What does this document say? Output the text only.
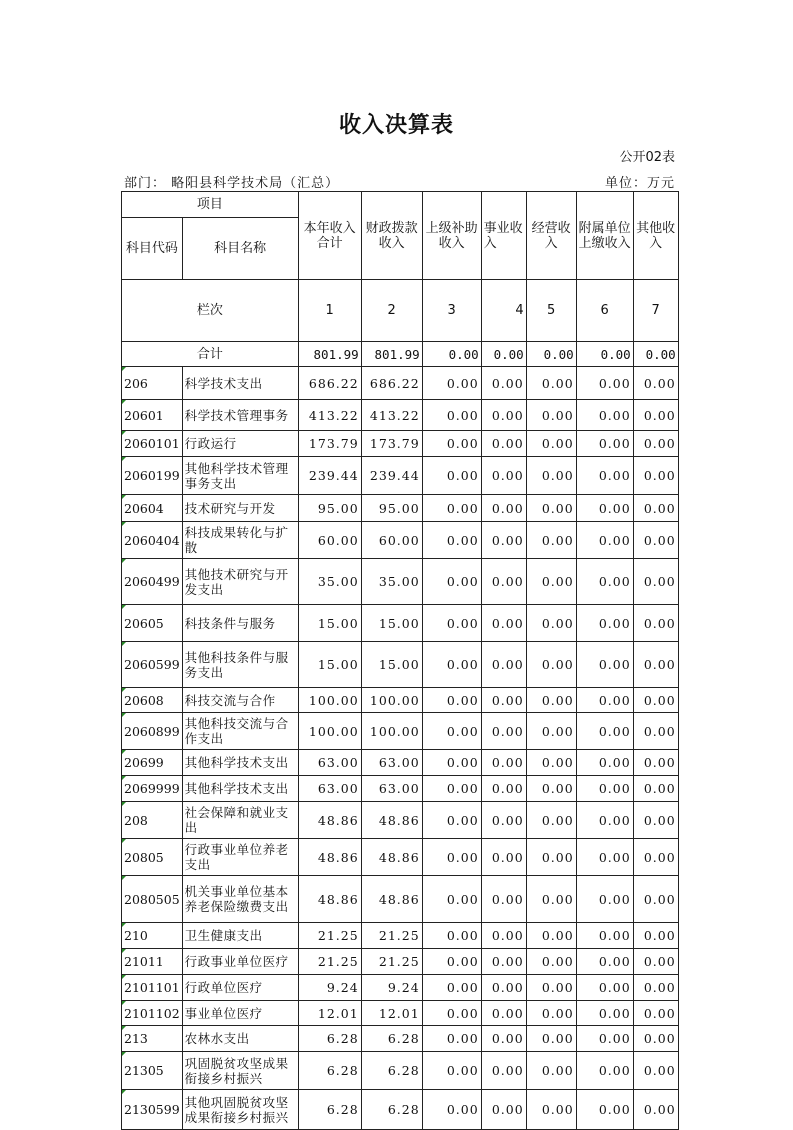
收入决算表
公开02表
部门： 略阳县科学技术局（汇总）	单位：万元
项目		本年收入合计	财政拨款收入	上级补助收入	事业收入	经营收入	附属单位上缴收入	其他收入
科目代码	科目名称							
栏次		1	2	3	4	5	6	7
合计		801.99	801.99	0.00	0.00	0.00	0.00	0.00

206	科学技术支出	686.22	686.22	0.00	0.00	0.00	0.00	0.00

20601	科学技术管理事务	413.22	413.22	0.00	0.00	0.00	0.00	0.00

2060101	行政运行	173.79	173.79	0.00	0.00	0.00	0.00	0.00

2060199	其他科学技术管理事务支出	239.44	239.44	0.00	0.00	0.00	0.00	0.00

20604	技术研究与开发	95.00	95.00	0.00	0.00	0.00	0.00	0.00

2060404	科技成果转化与扩散	60.00	60.00	0.00	0.00	0.00	0.00	0.00

2060499	其他技术研究与开发支出	35.00	35.00	0.00	0.00	0.00	0.00	0.00

20605	科技条件与服务	15.00	15.00	0.00	0.00	0.00	0.00	0.00

2060599	其他科技条件与服务支出	15.00	15.00	0.00	0.00	0.00	0.00	0.00

20608	科技交流与合作	100.00	100.00	0.00	0.00	0.00	0.00	0.00

2060899	其他科技交流与合作支出	100.00	100.00	0.00	0.00	0.00	0.00	0.00

20699	其他科学技术支出	63.00	63.00	0.00	0.00	0.00	0.00	0.00

2069999	其他科学技术支出	63.00	63.00	0.00	0.00	0.00	0.00	0.00

208	社会保障和就业支出	48.86	48.86	0.00	0.00	0.00	0.00	0.00

20805	行政事业单位养老支出	48.86	48.86	0.00	0.00	0.00	0.00	0.00

2080505	机关事业单位基本养老保险缴费支出	48.86	48.86	0.00	0.00	0.00	0.00	0.00

210	卫生健康支出	21.25	21.25	0.00	0.00	0.00	0.00	0.00

21011	行政事业单位医疗	21.25	21.25	0.00	0.00	0.00	0.00	0.00

2101101	行政单位医疗	9.24	9.24	0.00	0.00	0.00	0.00	0.00

2101102	事业单位医疗	12.01	12.01	0.00	0.00	0.00	0.00	0.00

213	农林水支出	6.28	6.28	0.00	0.00	0.00	0.00	0.00

21305	巩固脱贫攻坚成果衔接乡村振兴	6.28	6.28	0.00	0.00	0.00	0.00	0.00

2130599	其他巩固脱贫攻坚成果衔接乡村振兴	6.28	6.28	0.00	0.00	0.00	0.00	0.00
